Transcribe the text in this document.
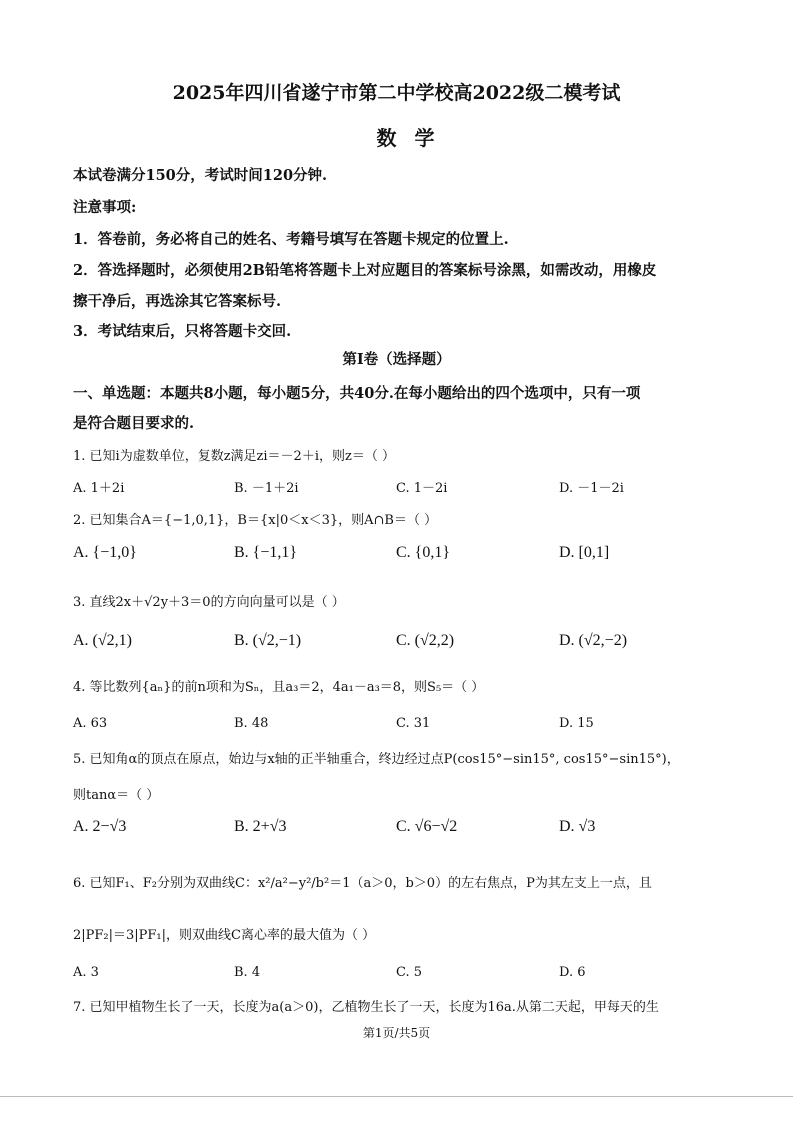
2025年四川省遂宁市第二中学校高2022级二模考试
数学
本试卷满分150分，考试时间120分钟.
注意事项:
1．答卷前，务必将自己的姓名、考籍号填写在答题卡规定的位置上.
2．答选择题时，必须使用2B铅笔将答题卡上对应题目的答案标号涂黑，如需改动，用橡皮
擦干净后，再选涂其它答案标号.
3．考试结束后，只将答题卡交回.
第Ⅰ卷（选择题）
一、单选题：本题共8小题，每小题5分，共40分.在每小题给出的四个选项中，只有一项
是符合题目要求的.
1. 已知i为虚数单位，复数z满足zi＝－2＋i，则z＝（ ）
A. 1＋2i	B. －1＋2i	C. 1－2i	D. －1－2i
2. 已知集合A＝{−1,0,1}，B＝{x|0＜x＜3}，则A∩B＝（ ）
A. {−1,0}	B. {−1,1}	C. {0,1}	D. [0,1]
3. 直线2x＋√2y＋3＝0的方向向量可以是（ ）
A. (√2,1)	B. (√2,−1)	C. (√2,2)	D. (√2,−2)
4. 等比数列{aₙ}的前n项和为Sₙ，且a₃＝2，4a₁－a₃＝8，则S₅＝（ ）
A. 63	B. 48	C. 31	D. 15
5. 已知角α的顶点在原点，始边与x轴的正半轴重合，终边经过点P(cos15°−sin15°, cos15°−sin15°)，
则tanα＝（ ）
A. 2−√3	B. 2+√3	C. √6−√2	D. √3
6. 已知F₁、F₂分别为双曲线C：x²/a²−y²/b²＝1（a＞0，b＞0）的左右焦点，P为其左支上一点，且
2|PF₂|＝3|PF₁|，则双曲线C离心率的最大值为（ ）
A. 3	B. 4	C. 5	D. 6
7. 已知甲植物生长了一天，长度为a(a＞0)，乙植物生长了一天，长度为16a.从第二天起，甲每天的生
第1页/共5页
